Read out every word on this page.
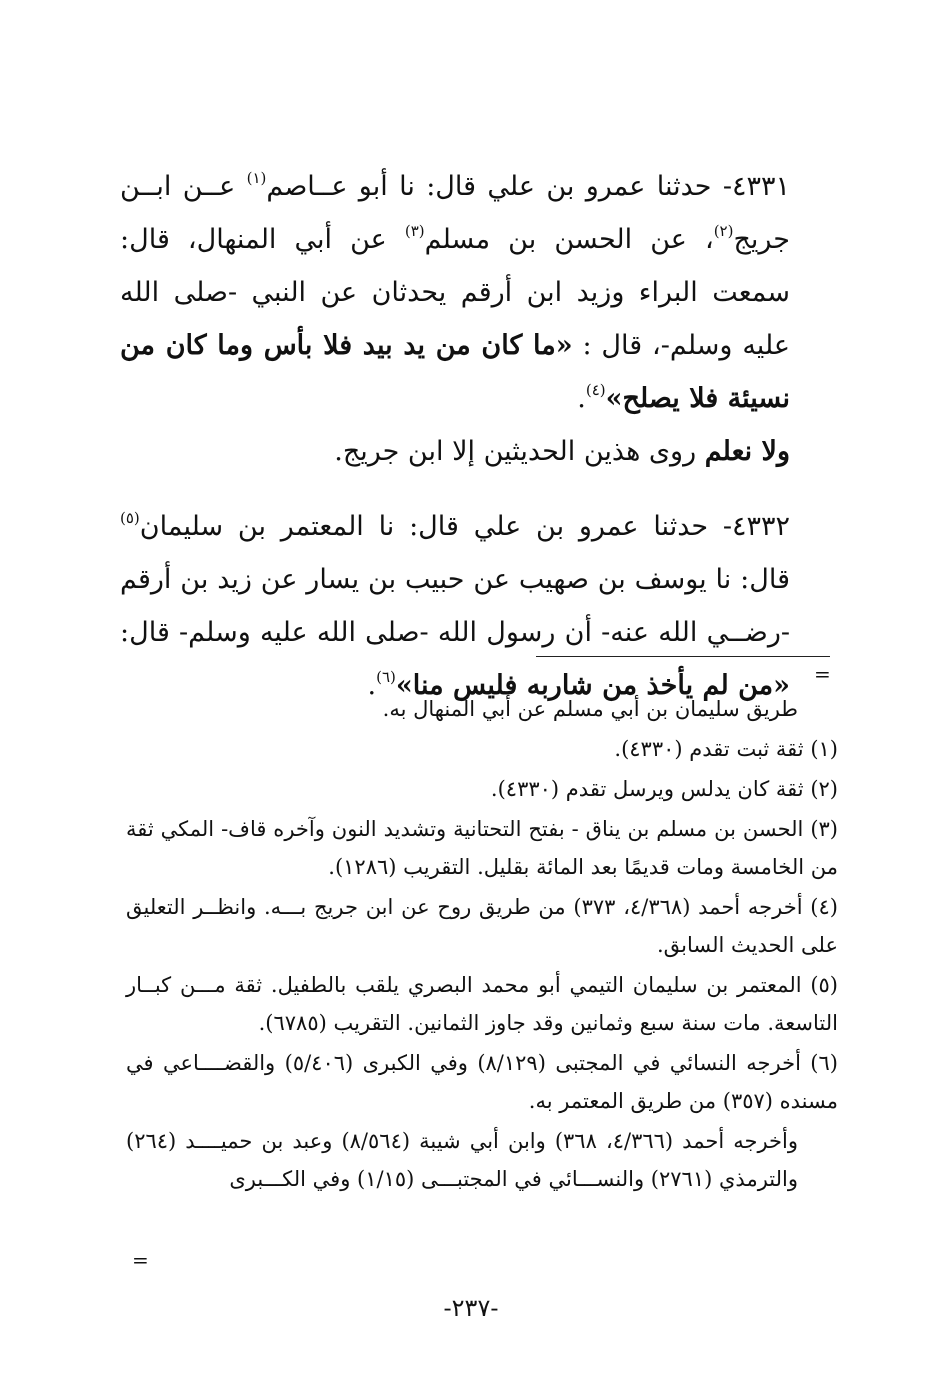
٤٣٣١- حدثنا عمرو بن علي قال: نا أبو عــاصم$^{(١)}$ عــن ابــن جريج$^{(٢)}$، عن الحسن بن مسلم$^{(٣)}$ عن أبي المنهال، قال: سمعت البراء وزيد ابن أرقم يحدثان عن النبي -صلى الله عليه وسلم-، قال : «ما كان من يد بيد فلا بأس وما كان من نسيئة فلا يصلح»$^{(٤)}$.

ولا نعلم روى هذين الحديثين إلا ابن جريج.

٤٣٣٢- حدثنا عمرو بن علي قال: نا المعتمر بن سليمان$^{(٥)}$ قال: نا يوسف بن صهيب عن حبيب بن يسار عن زيد بن أرقم -رضــي الله عنه- أن رسول الله -صلى الله عليه وسلم- قال: «من لم يأخذ من شاربه فليس منا»$^{(٦)}$.	=

طريق سليمان بن أبي مسلم عن أبي المنهال به.

(١) ثقة ثبت تقدم (٤٣٣٠).

(٢) ثقة كان يدلس ويرسل تقدم (٤٣٣٠).

(٣) الحسن بن مسلم بن يناق - بفتح التحتانية وتشديد النون وآخره قاف- المكي ثقة من الخامسة ومات قديمًا بعد المائة بقليل. التقريب (١٢٨٦).

(٤) أخرجه أحمد (٤/٣٦٨، ٣٧٣) من طريق روح عن ابن جريج بـــه. وانظــر التعليق على الحديث السابق.

(٥) المعتمر بن سليمان التيمي أبو محمد البصري يلقب بالطفيل. ثقة مـــن كبــار التاسعة. مات سنة سبع وثمانين وقد جاوز الثمانين. التقريب (٦٧٨٥).

(٦) أخرجه النسائي في المجتبى (٨/١٢٩) وفي الكبرى (٥/٤٠٦) والقضــــاعي في مسنده (٣٥٧) من طريق المعتمر به.

وأخرجه أحمد (٤/٣٦٦، ٣٦٨) وابن أبي شيبة (٨/٥٦٤) وعبد بن حميــــد (٢٦٤) والترمذي (٢٧٦١) والنســـائي في المجتبـــى (١/١٥) وفي الكـــبرى

=
-٢٣٧-
